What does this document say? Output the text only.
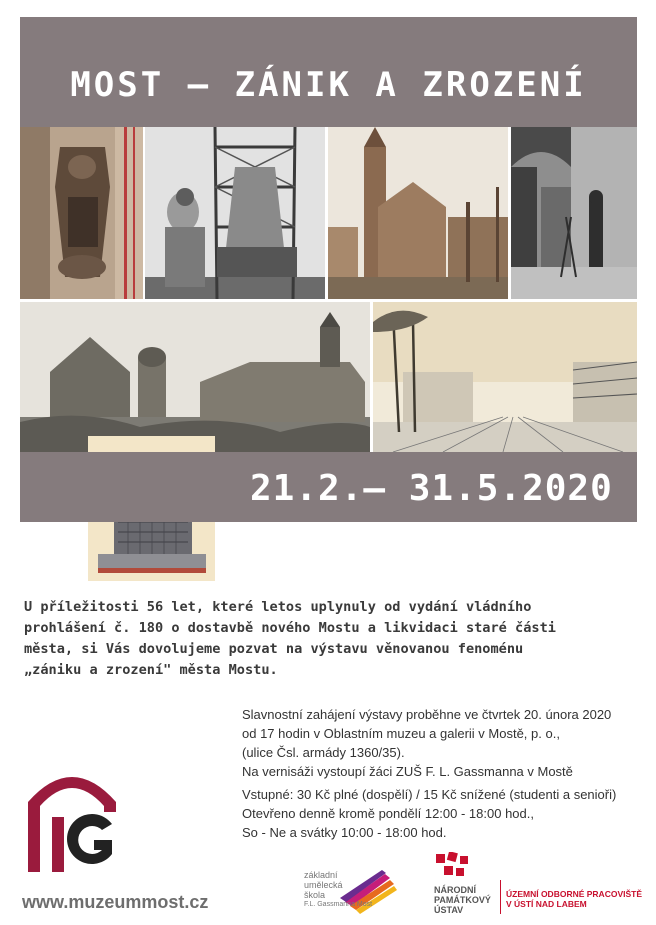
MOST – ZÁNIK A ZROZENÍ
21.2.– 31.5.2020
U příležitosti 56 let, které letos uplynuly od vydání vládního
prohlášení č. 180 o dostavbě nového Mostu a likvidaci staré části
města, si Vás dovolujeme pozvat na výstavu věnovanou fenoménu
„zániku a zrození" města Mostu.
Slavnostní zahájení výstavy proběhne ve čtvrtek 20. února 2020
od 17 hodin v Oblastním muzeu a galerii v Mostě, p. o.,
(ulice Čsl. armády 1360/35).
Na vernisáži vystoupí žáci ZUŠ F. L. Gassmanna v Mostě
Vstupné: 30 Kč plné (dospělí) / 15 Kč snížené (studenti a senioři)
Otevřeno denně kromě pondělí 12:00 - 18:00 hod.,
So - Ne a svátky 10:00 - 18:00 hod.
www.muzeummost.cz
základní
umělecká
škola
F.L. Gassmanna Most
NÁRODNÍ
PAMÁTKOVÝ
ÚSTAV
ÚZEMNÍ ODBORNÉ PRACOVIŠTĚ
V ÚSTÍ NAD LABEM
